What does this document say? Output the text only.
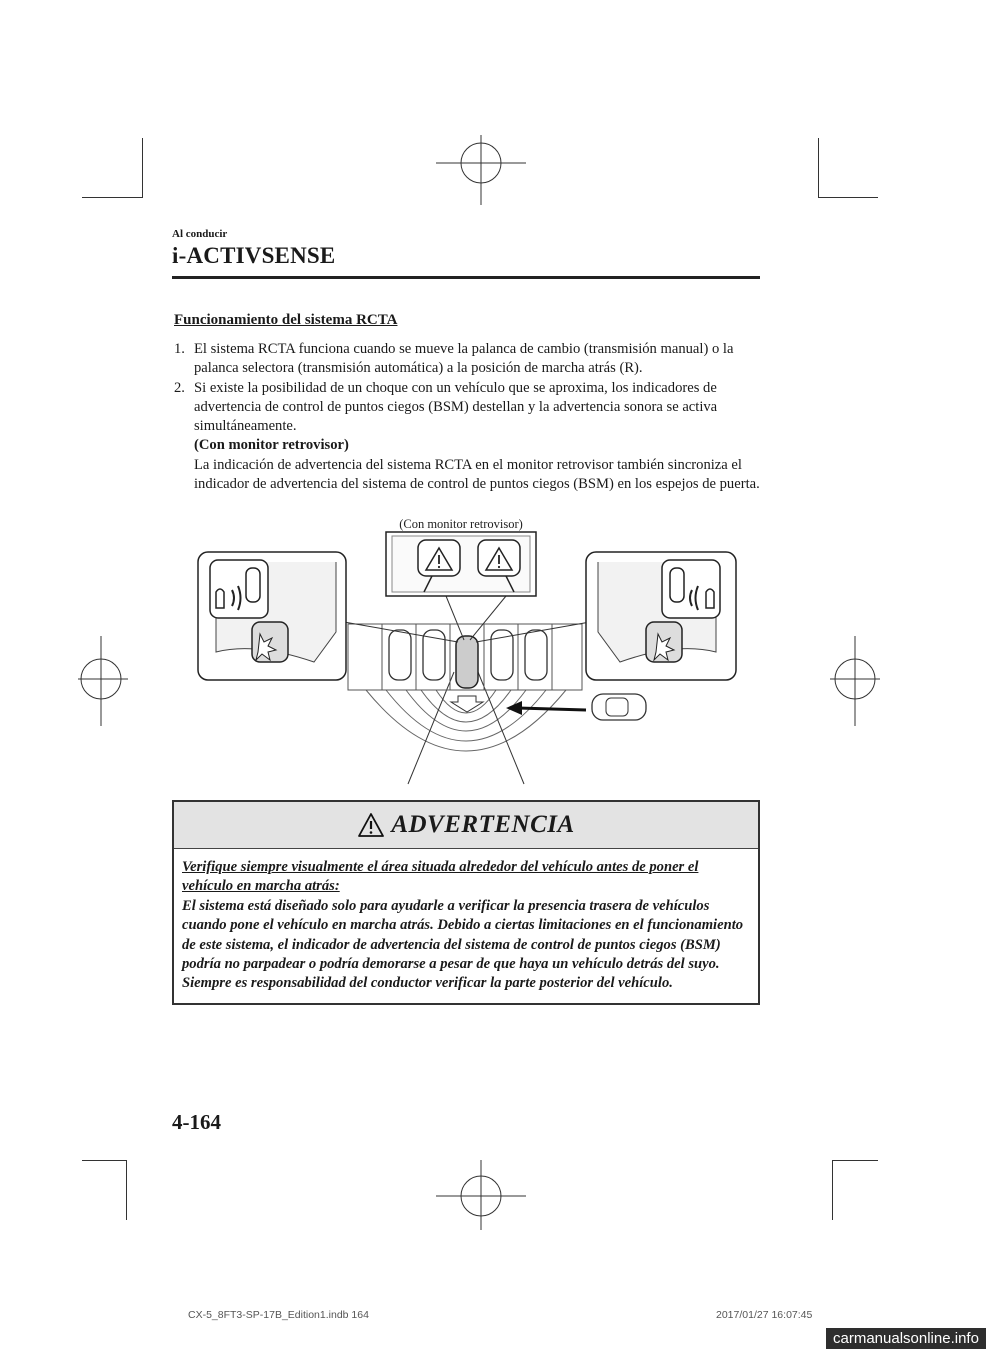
Al conducir
i-ACTIVSENSE
Funcionamiento del sistema RCTA
1. El sistema RCTA funciona cuando se mueve la palanca de cambio (transmisión manual) o la palanca selectora (transmisión automática) a la posición de marcha atrás (R).
2. Si existe la posibilidad de un choque con un vehículo que se aproxima, los indicadores de advertencia de control de puntos ciegos (BSM) destellan y la advertencia sonora se activa simultáneamente.
(Con monitor retrovisor)
La indicación de advertencia del sistema RCTA en el monitor retrovisor también sincroniza el indicador de advertencia del sistema de control de puntos ciegos (BSM) en los espejos de puerta.
(Con monitor retrovisor)
ADVERTENCIA
Verifique siempre visualmente el área situada alrededor del vehículo antes de poner el vehículo en marcha atrás:
El sistema está diseñado solo para ayudarle a verificar la presencia trasera de vehículos cuando pone el vehículo en marcha atrás. Debido a ciertas limitaciones en el funcionamiento de este sistema, el indicador de advertencia del sistema de control de puntos ciegos (BSM) podría no parpadear o podría demorarse a pesar de que haya un vehículo detrás del suyo. Siempre es responsabilidad del conductor verificar la parte posterior del vehículo.
4-164
CX-5_8FT3-SP-17B_Edition1.indb 164	2017/01/27 16:07:45
carmanualsonline.info
